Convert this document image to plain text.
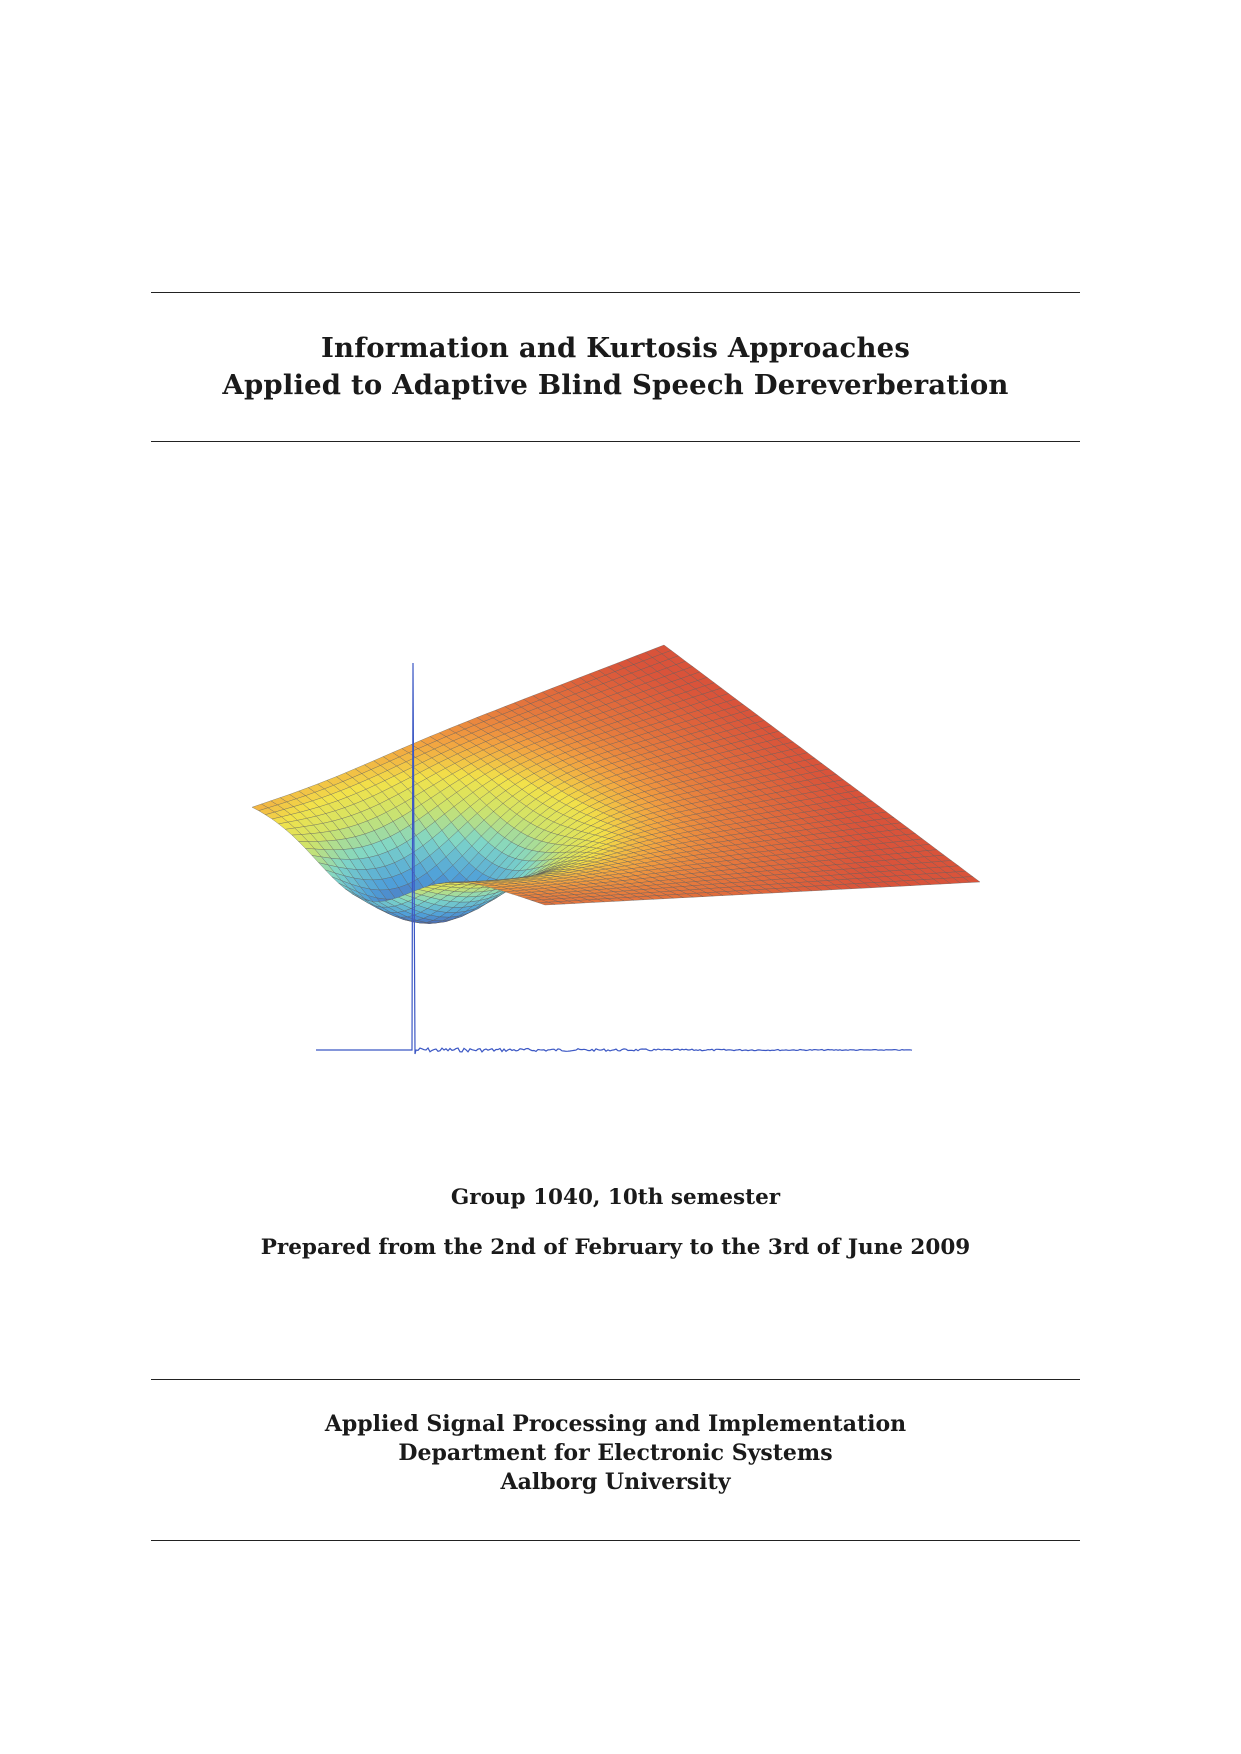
Information and Kurtosis Approaches
Applied to Adaptive Blind Speech Dereverberation
Group 1040, 10th semester
Prepared from the 2nd of February to the 3rd of June 2009
Applied Signal Processing and Implementation
Department for Electronic Systems
Aalborg University
